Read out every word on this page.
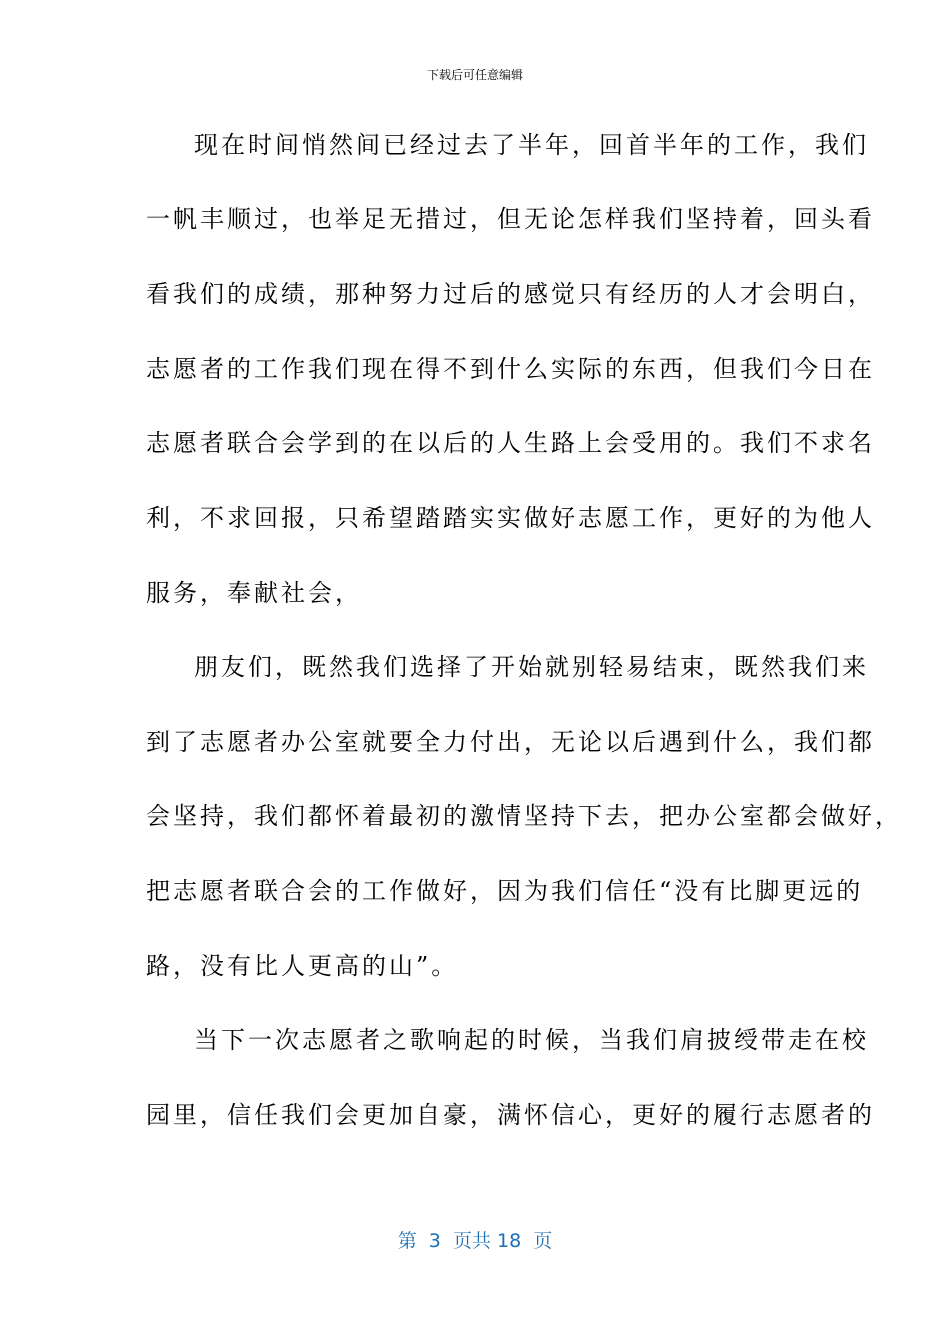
下载后可任意编辑
现在时间悄然间已经过去了半年，回首半年的工作，我们
一帆丰顺过，也举足无措过，但无论怎样我们坚持着，回头看
看我们的成绩，那种努力过后的感觉只有经历的人才会明白，
志愿者的工作我们现在得不到什么实际的东西，但我们今日在
志愿者联合会学到的在以后的人生路上会受用的。我们不求名
利，不求回报，只希望踏踏实实做好志愿工作，更好的为他人
服务，奉献社会，
朋友们，既然我们选择了开始就别轻易结束，既然我们来
到了志愿者办公室就要全力付出，无论以后遇到什么，我们都
会坚持，我们都怀着最初的激情坚持下去，把办公室都会做好，
把志愿者联合会的工作做好，因为我们信任“没有比脚更远的
路，没有比人更高的山”。
当下一次志愿者之歌响起的时候，当我们肩披绶带走在校
园里，信任我们会更加自豪，满怀信心，更好的履行志愿者的
第  3  页共 18  页
